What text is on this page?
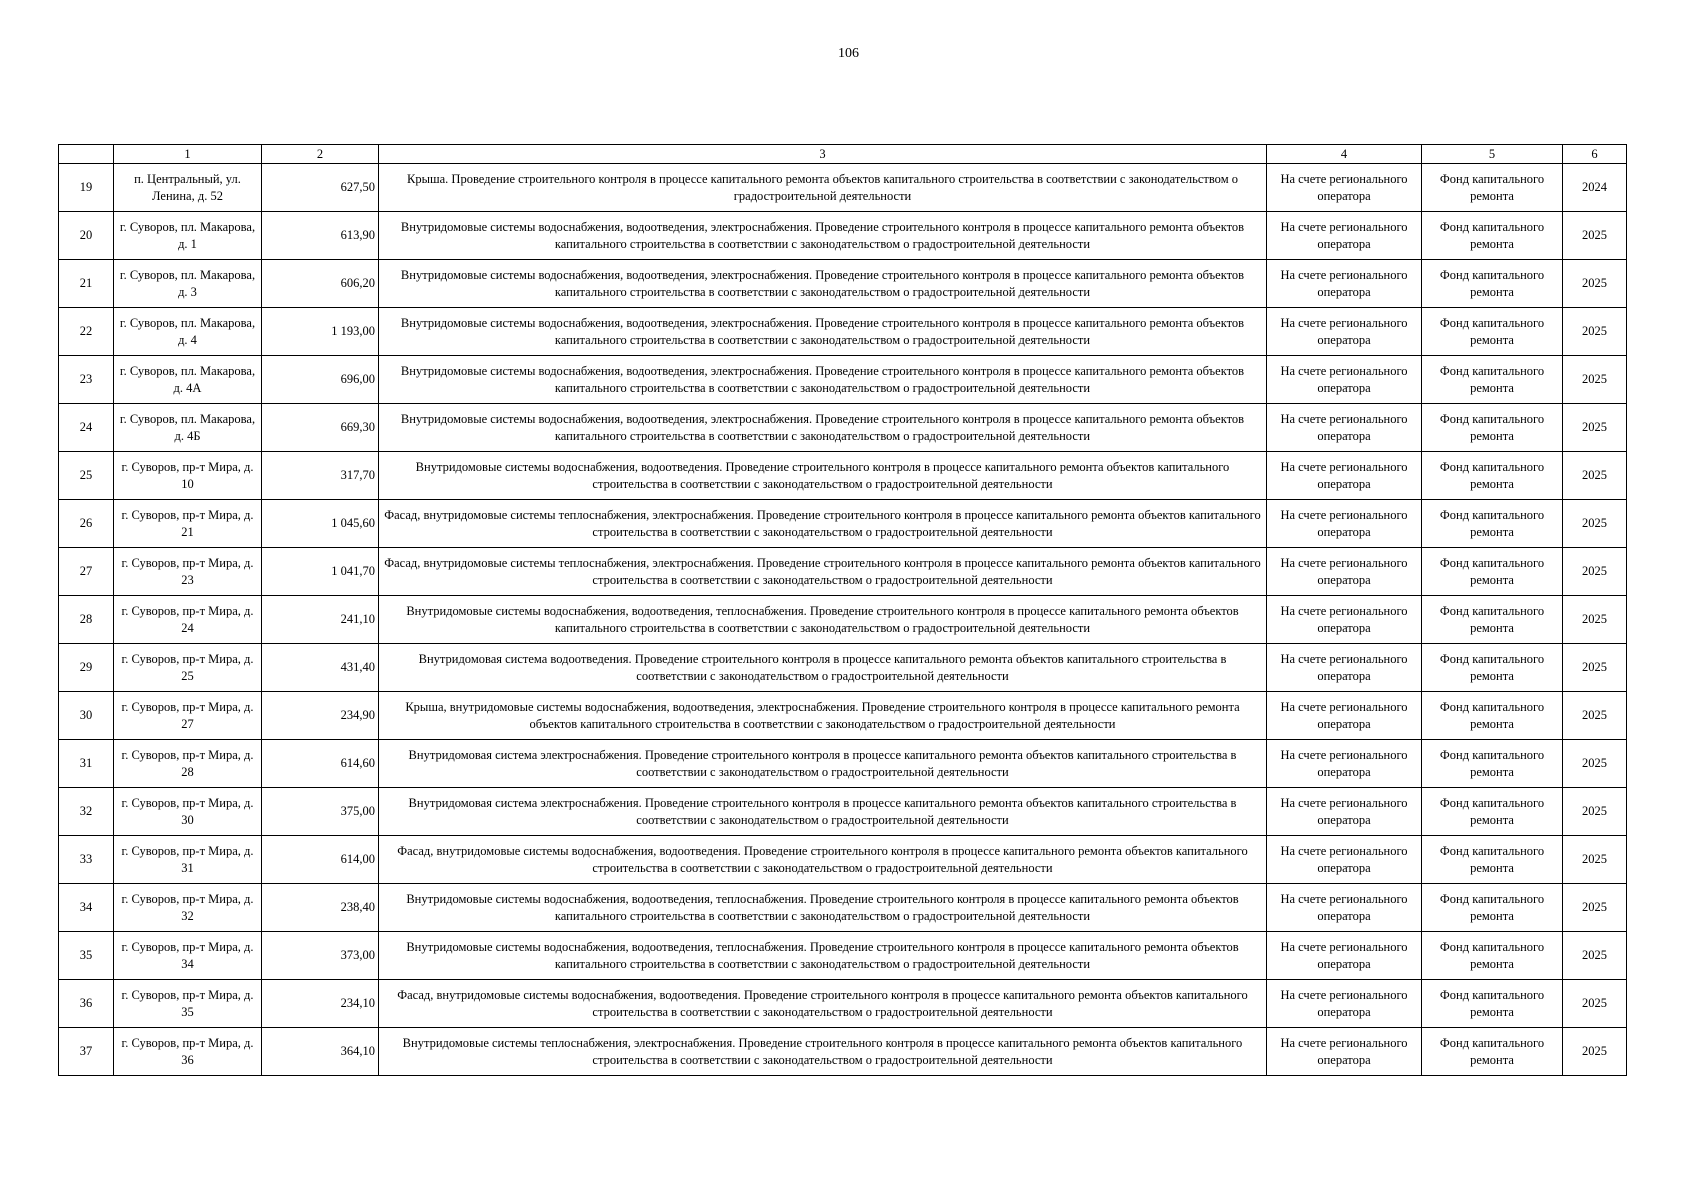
106
	1	2	3	4	5	6
19	п. Центральный, ул. Ленина, д. 52	627,50	Крыша. Проведение строительного контроля в процессе капитального ремонта объектов капитального строительства в соответствии с законодательством о градостроительной деятельности	На счете регионального оператора	Фонд капитального ремонта	2024
20	г. Суворов, пл. Макарова, д. 1	613,90	Внутридомовые системы водоснабжения, водоотведения, электроснабжения. Проведение строительного контроля в процессе капитального ремонта объектов капитального строительства в соответствии с законодательством о градостроительной деятельности	На счете регионального оператора	Фонд капитального ремонта	2025
21	г. Суворов, пл. Макарова, д. 3	606,20	Внутридомовые системы водоснабжения, водоотведения, электроснабжения. Проведение строительного контроля в процессе капитального ремонта объектов капитального строительства в соответствии с законодательством о градостроительной деятельности	На счете регионального оператора	Фонд капитального ремонта	2025
22	г. Суворов, пл. Макарова, д. 4	1 193,00	Внутридомовые системы водоснабжения, водоотведения, электроснабжения. Проведение строительного контроля в процессе капитального ремонта объектов капитального строительства в соответствии с законодательством о градостроительной деятельности	На счете регионального оператора	Фонд капитального ремонта	2025
23	г. Суворов, пл. Макарова, д. 4А	696,00	Внутридомовые системы водоснабжения, водоотведения, электроснабжения. Проведение строительного контроля в процессе капитального ремонта объектов капитального строительства в соответствии с законодательством о градостроительной деятельности	На счете регионального оператора	Фонд капитального ремонта	2025
24	г. Суворов, пл. Макарова, д. 4Б	669,30	Внутридомовые системы водоснабжения, водоотведения, электроснабжения. Проведение строительного контроля в процессе капитального ремонта объектов капитального строительства в соответствии с законодательством о градостроительной деятельности	На счете регионального оператора	Фонд капитального ремонта	2025
25	г. Суворов, пр-т Мира, д. 10	317,70	Внутридомовые системы водоснабжения, водоотведения. Проведение строительного контроля в процессе капитального ремонта объектов капитального строительства в соответствии с законодательством о градостроительной деятельности	На счете регионального оператора	Фонд капитального ремонта	2025
26	г. Суворов, пр-т Мира, д. 21	1 045,60	Фасад, внутридомовые системы теплоснабжения, электроснабжения. Проведение строительного контроля в процессе капитального ремонта объектов капитального строительства в соответствии с законодательством о градостроительной деятельности	На счете регионального оператора	Фонд капитального ремонта	2025
27	г. Суворов, пр-т Мира, д. 23	1 041,70	Фасад, внутридомовые системы теплоснабжения, электроснабжения. Проведение строительного контроля в процессе капитального ремонта объектов капитального строительства в соответствии с законодательством о градостроительной деятельности	На счете регионального оператора	Фонд капитального ремонта	2025
28	г. Суворов, пр-т Мира, д. 24	241,10	Внутридомовые системы водоснабжения, водоотведения, теплоснабжения. Проведение строительного контроля в процессе капитального ремонта объектов капитального строительства в соответствии с законодательством о градостроительной деятельности	На счете регионального оператора	Фонд капитального ремонта	2025
29	г. Суворов, пр-т Мира, д. 25	431,40	Внутридомовая система водоотведения. Проведение строительного контроля в процессе капитального ремонта объектов капитального строительства в соответствии с законодательством о градостроительной деятельности	На счете регионального оператора	Фонд капитального ремонта	2025
30	г. Суворов, пр-т Мира, д. 27	234,90	Крыша, внутридомовые системы водоснабжения, водоотведения, электроснабжения. Проведение строительного контроля в процессе капитального ремонта объектов капитального строительства в соответствии с законодательством о градостроительной деятельности	На счете регионального оператора	Фонд капитального ремонта	2025
31	г. Суворов, пр-т Мира, д. 28	614,60	Внутридомовая система электроснабжения. Проведение строительного контроля в процессе капитального ремонта объектов капитального строительства в соответствии с законодательством о градостроительной деятельности	На счете регионального оператора	Фонд капитального ремонта	2025
32	г. Суворов, пр-т Мира, д. 30	375,00	Внутридомовая система электроснабжения. Проведение строительного контроля в процессе капитального ремонта объектов капитального строительства в соответствии с законодательством о градостроительной деятельности	На счете регионального оператора	Фонд капитального ремонта	2025
33	г. Суворов, пр-т Мира, д. 31	614,00	Фасад, внутридомовые системы водоснабжения, водоотведения. Проведение строительного контроля в процессе капитального ремонта объектов капитального строительства в соответствии с законодательством о градостроительной деятельности	На счете регионального оператора	Фонд капитального ремонта	2025
34	г. Суворов, пр-т Мира, д. 32	238,40	Внутридомовые системы водоснабжения, водоотведения, теплоснабжения. Проведение строительного контроля в процессе капитального ремонта объектов капитального строительства в соответствии с законодательством о градостроительной деятельности	На счете регионального оператора	Фонд капитального ремонта	2025
35	г. Суворов, пр-т Мира, д. 34	373,00	Внутридомовые системы водоснабжения, водоотведения, теплоснабжения. Проведение строительного контроля в процессе капитального ремонта объектов капитального строительства в соответствии с законодательством о градостроительной деятельности	На счете регионального оператора	Фонд капитального ремонта	2025
36	г. Суворов, пр-т Мира, д. 35	234,10	Фасад, внутридомовые системы водоснабжения, водоотведения. Проведение строительного контроля в процессе капитального ремонта объектов капитального строительства в соответствии с законодательством о градостроительной деятельности	На счете регионального оператора	Фонд капитального ремонта	2025
37	г. Суворов, пр-т Мира, д. 36	364,10	Внутридомовые системы теплоснабжения, электроснабжения. Проведение строительного контроля в процессе капитального ремонта объектов капитального строительства в соответствии с законодательством о градостроительной деятельности	На счете регионального оператора	Фонд капитального ремонта	2025
